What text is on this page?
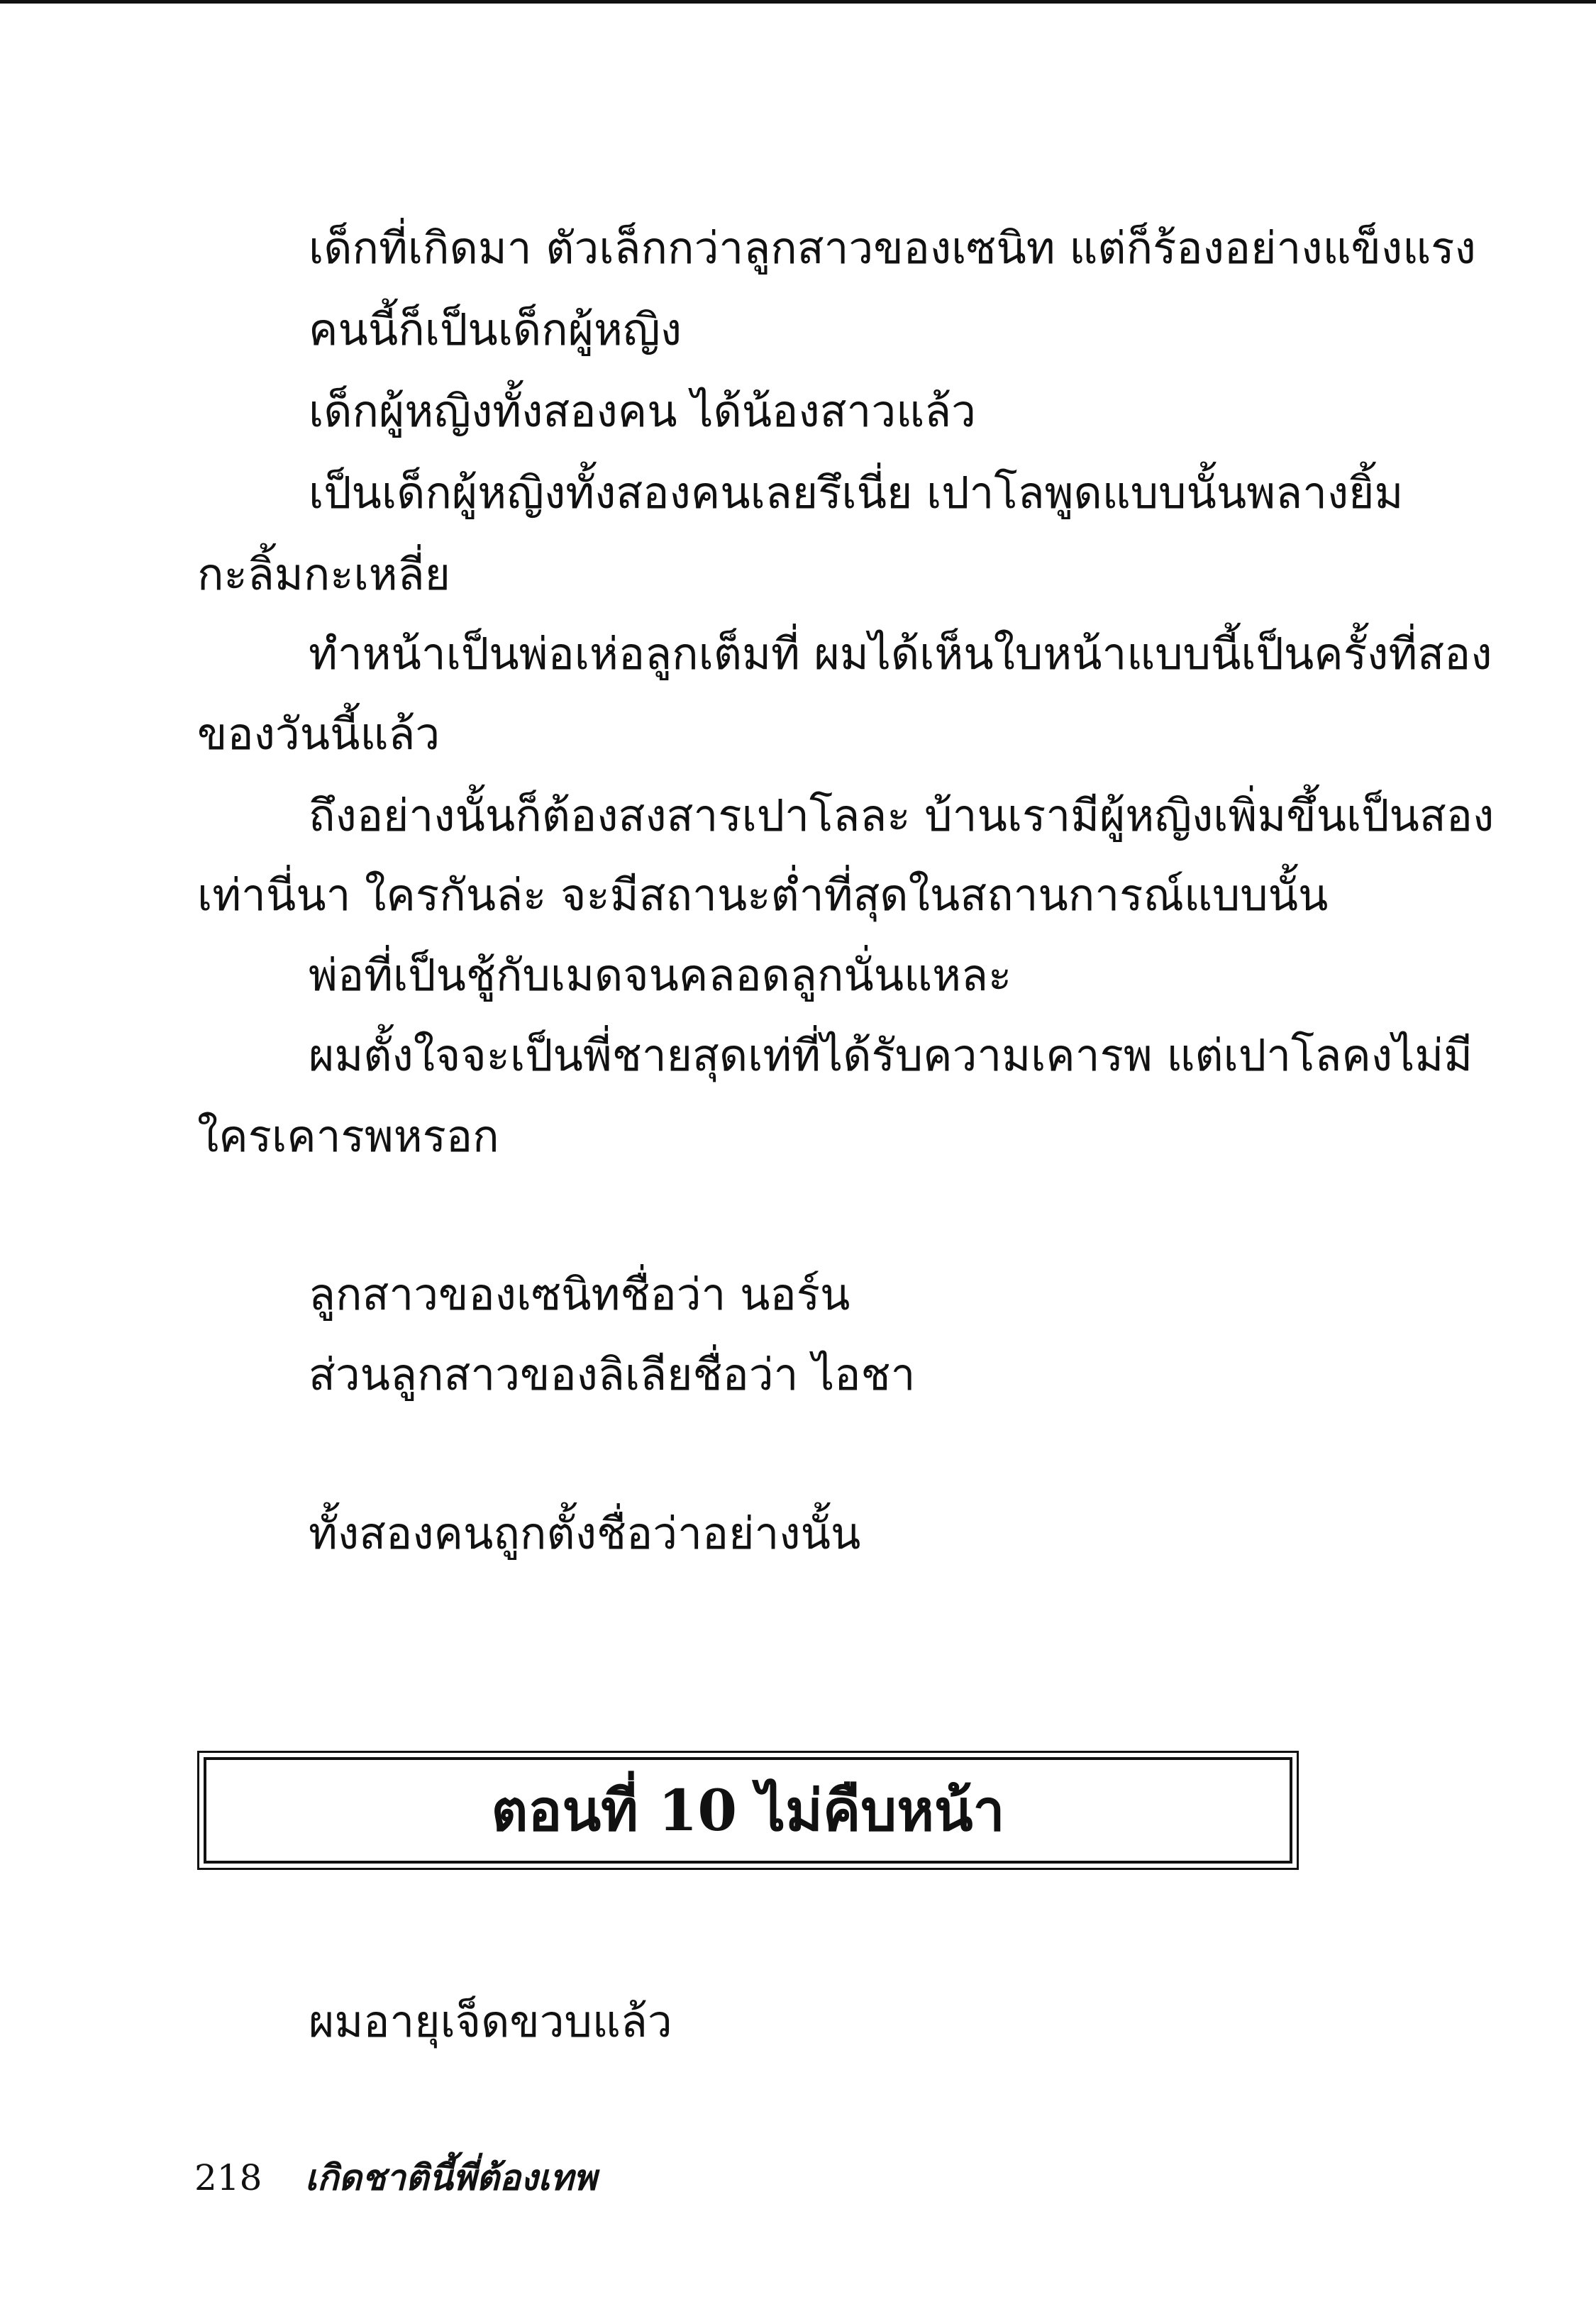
เด็กที่เกิดมา ตัวเล็กกว่าลูกสาวของเซนิท แต่ก็ร้องอย่างแข็งแรง
คนนี้ก็เป็นเด็กผู้หญิง
เด็กผู้หญิงทั้งสองคน ได้น้องสาวแล้ว
เป็นเด็กผู้หญิงทั้งสองคนเลยรึเนี่ย เปาโลพูดแบบนั้นพลางยิ้ม
กะลิ้มกะเหลี่ย
ทำหน้าเป็นพ่อเห่อลูกเต็มที่ ผมได้เห็นใบหน้าแบบนี้เป็นครั้งที่สอง
ของวันนี้แล้ว
ถึงอย่างนั้นก็ต้องสงสารเปาโลละ บ้านเรามีผู้หญิงเพิ่มขึ้นเป็นสอง
เท่านี่นา ใครกันล่ะ จะมีสถานะต่ำที่สุดในสถานการณ์แบบนั้น
พ่อที่เป็นชู้กับเมดจนคลอดลูกนั่นแหละ
ผมตั้งใจจะเป็นพี่ชายสุดเท่ที่ได้รับความเคารพ แต่เปาโลคงไม่มี
ใครเคารพหรอก
ลูกสาวของเซนิทชื่อว่า นอร์น
ส่วนลูกสาวของลิเลียชื่อว่า ไอชา
ทั้งสองคนถูกตั้งชื่อว่าอย่างนั้น
ตอนที่ 10 ไม่คืบหน้า
ผมอายุเจ็ดขวบแล้ว
218 เกิดชาตินี้พี่ต้องเทพ
